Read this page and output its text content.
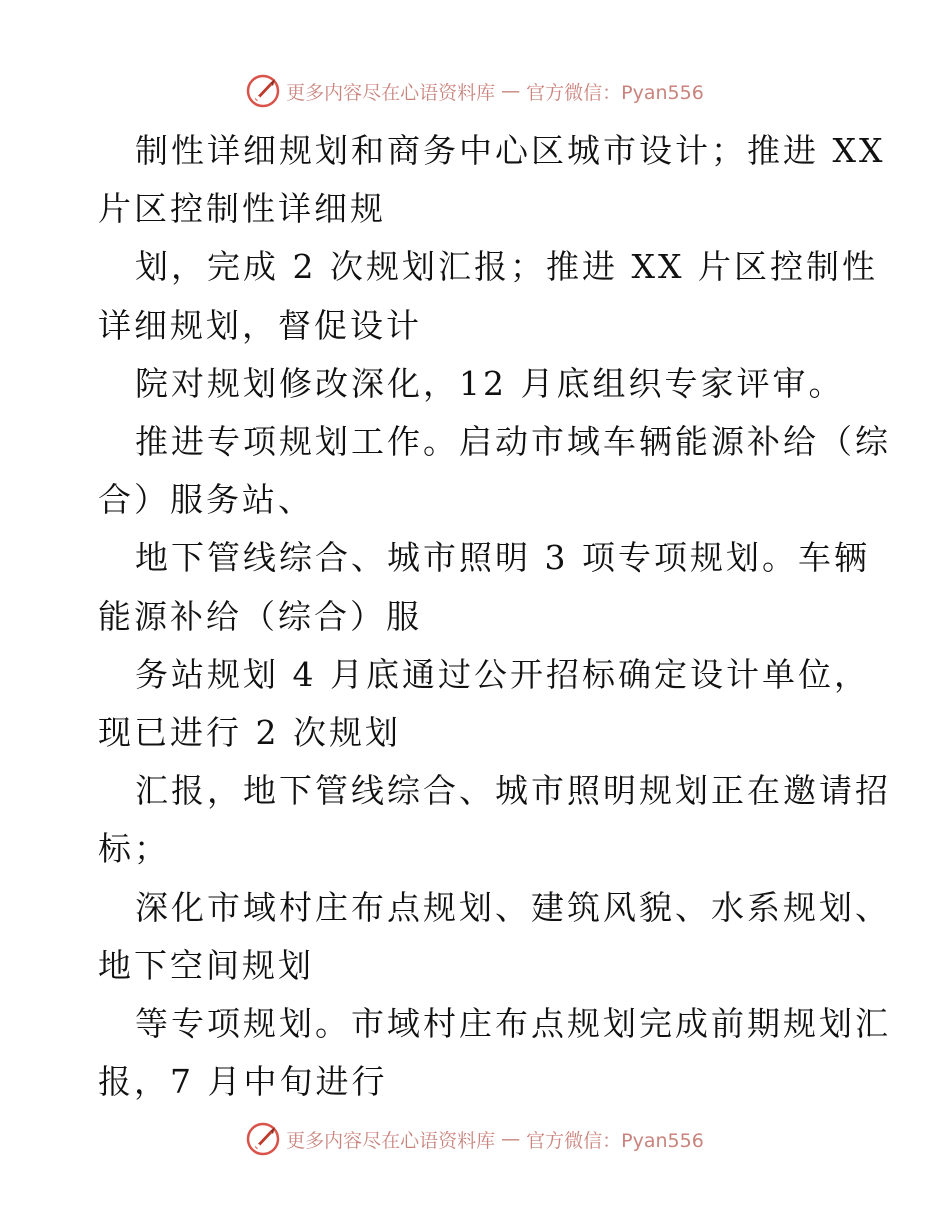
更多内容尽在心语资料库 — 官方微信：Pyan556

制性详细规划和商务中心区城市设计；推进 XX

片区控制性详细规

划，完成 2 次规划汇报；推进 XX 片区控制性

详细规划，督促设计

院对规划修改深化，12 月底组织专家评审。

推进专项规划工作。启动市域车辆能源补给（综

合）服务站、

地下管线综合、城市照明 3 项专项规划。车辆

能源补给（综合）服

务站规划 4 月底通过公开招标确定设计单位，

现已进行 2 次规划

汇报，地下管线综合、城市照明规划正在邀请招

标；

深化市域村庄布点规划、建筑风貌、水系规划、

地下空间规划

等专项规划。市域村庄布点规划完成前期规划汇

报，7 月中旬进行

更多内容尽在心语资料库 — 官方微信：Pyan556
